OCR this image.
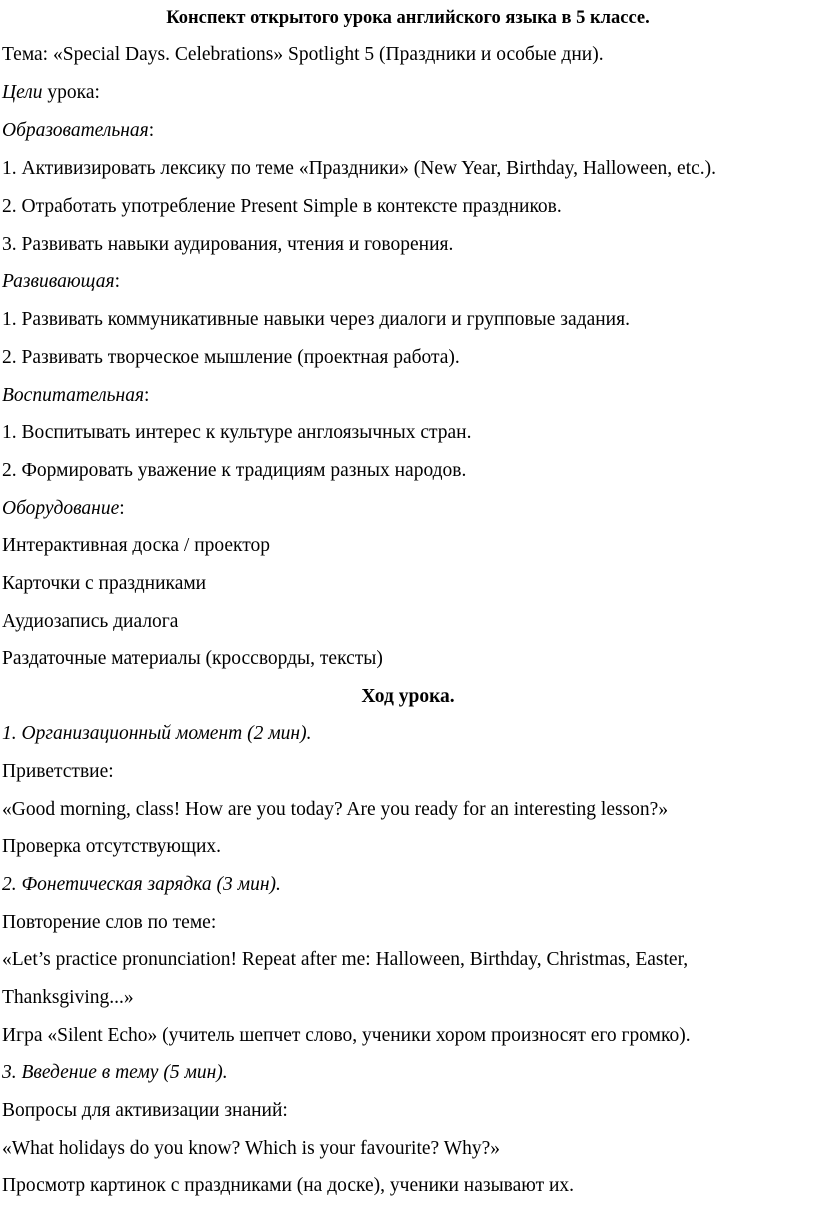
Конспект открытого урока английского языка в 5 классе.
Тема: «Special Days. Celebrations» Spotlight 5 (Праздники и особые дни).
Цели урока:
Образовательная:
1. Активизировать лексику по теме «Праздники» (New Year, Birthday, Halloween, etc.).
2. Отработать употребление Present Simple в контексте праздников.
3. Развивать навыки аудирования, чтения и говорения.
Развивающая:
1. Развивать коммуникативные навыки через диалоги и групповые задания.
2. Развивать творческое мышление (проектная работа).
Воспитательная:
1. Воспитывать интерес к культуре англоязычных стран.
2. Формировать уважение к традициям разных народов.
Оборудование:
Интерактивная доска / проектор
Карточки с праздниками
Аудиозапись диалога
Раздаточные материалы (кроссворды, тексты)
Ход урока.
1. Организационный момент (2 мин).
Приветствие:
«Good morning, class! How are you today? Are you ready for an interesting lesson?»
Проверка отсутствующих.
2. Фонетическая зарядка (3 мин).
Повторение слов по теме:
«Let’s practice pronunciation! Repeat after me: Halloween, Birthday, Christmas, Easter,
Thanksgiving...»
Игра «Silent Echo» (учитель шепчет слово, ученики хором произносят его громко).
3. Введение в тему (5 мин).
Вопросы для активизации знаний:
«What holidays do you know? Which is your favourite? Why?»
Просмотр картинок с праздниками (на доске), ученики называют их.
